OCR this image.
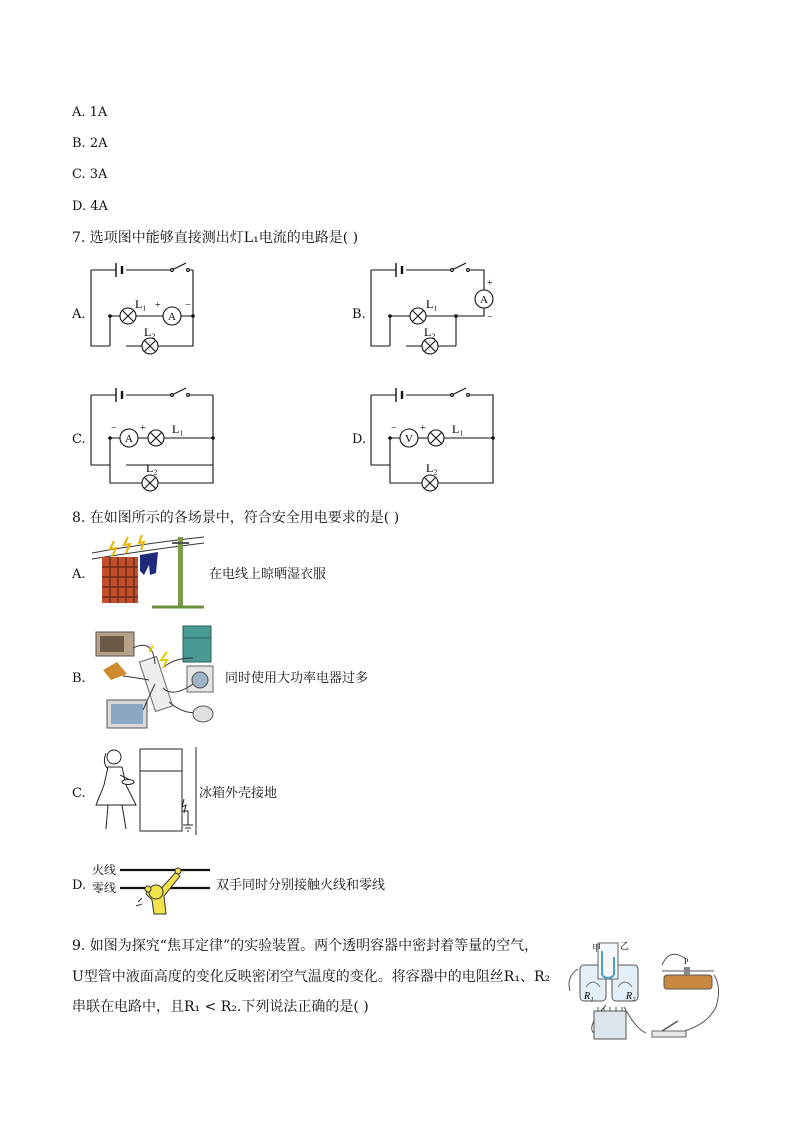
A. 1A
B. 2A
C. 3A
D. 4A
7. 选项图中能够直接测出灯L₁电流的电路是( )
A.	B.
C.	D.
L₁ + −
A
L₂
L₁
+
−
A
L₂
− +
A
L₁
L₂
− +
V
L₁
L₂
8. 在如图所示的各场景中，符合安全用电要求的是( )
A.	在电线上晾晒湿衣服
B.	同时使用大功率电器过多
C.	冰箱外壳接地
D.
火线
零线	双手同时分别接触火线和零线
9. 如图为探究“焦耳定律”的实验装置。两个透明容器中密封着等量的空气，
U型管中液面高度的变化反映密闭空气温度的变化。将容器中的电阻丝R₁、R₂
串联在电路中，且R₁ < R₂.下列说法正确的是( )
甲 乙
R₁	R₂
P
